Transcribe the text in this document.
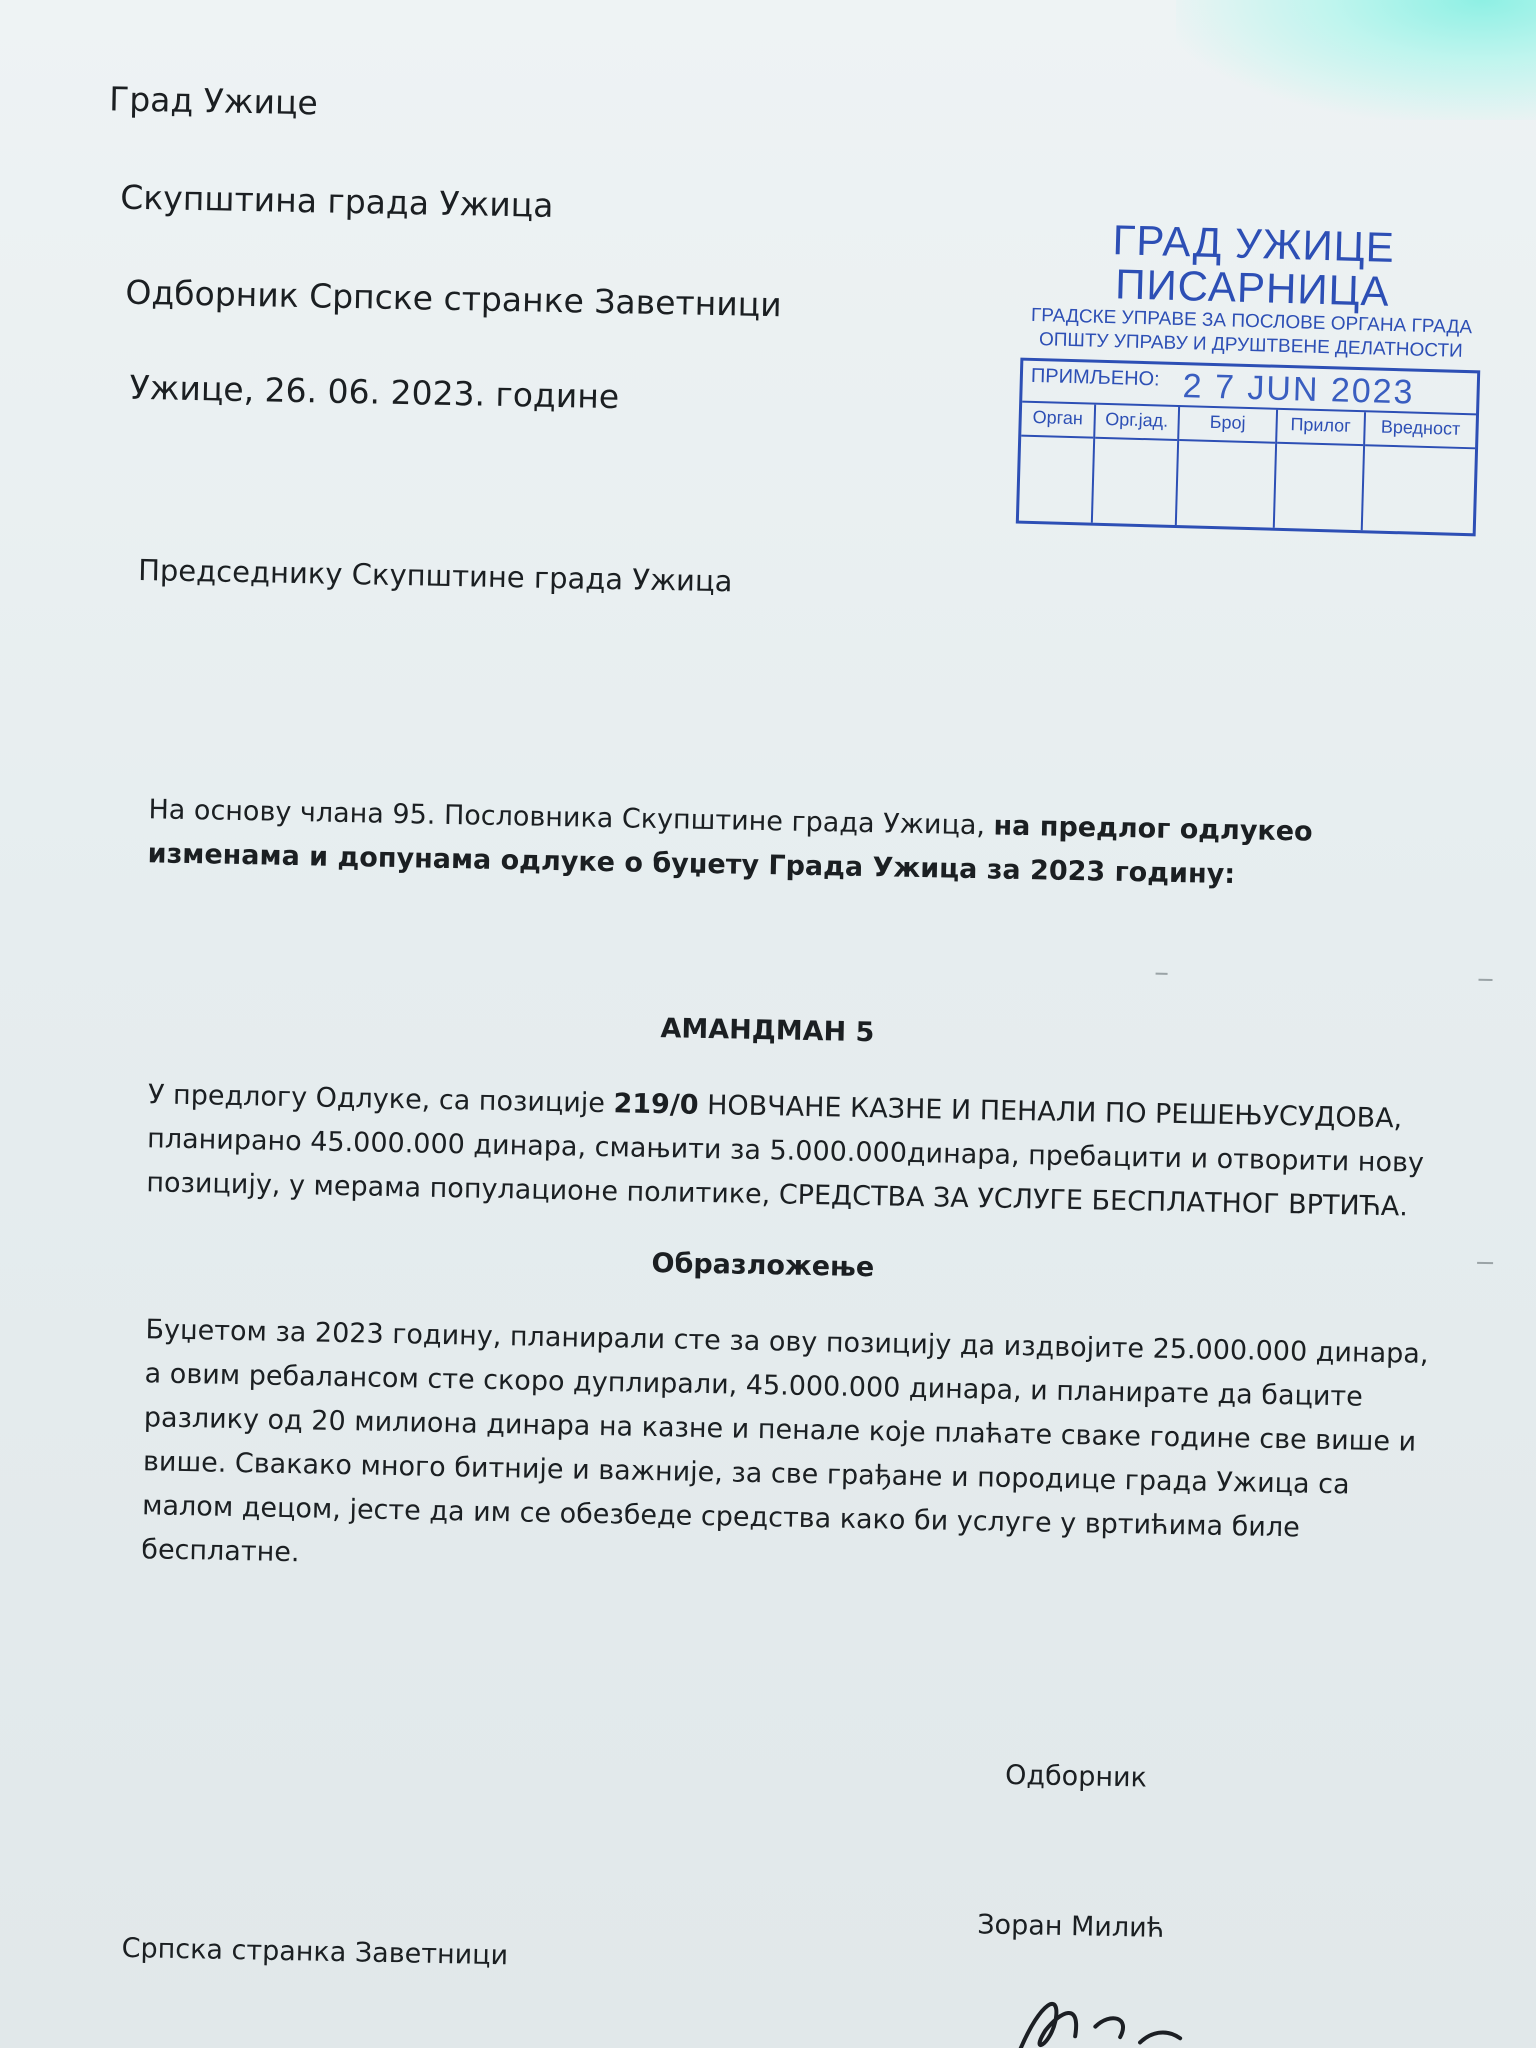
Град Ужице
Скупштина града Ужица
Одборник Српске странке Заветници
Ужице, 26. 06. 2023. године
Председнику Скупштине града Ужица
На основу члана 95. Пословника Скупштине града Ужица, на предлог одлукео
изменама и допунама одлуке о буџету Града Ужица за 2023 годину:
АМАНДМАН 5
У предлогу Одлуке, са позиције 219/0 НОВЧАНЕ КАЗНЕ И ПЕНАЛИ ПО РЕШЕЊУСУДОВА,
планирано 45.000.000 динара, смањити за 5.000.000динара, пребацити и отворити нову
позицију, у мерама популационе политике, СРЕДСТВА ЗА УСЛУГЕ БЕСПЛАТНОГ ВРТИЋА.
Образложење
Буџетом за 2023 годину, планирали сте за ову позицију да издвојите 25.000.000 динара,
а овим ребалансом сте скоро дуплирали, 45.000.000 динара, и планирате да баците
разлику од 20 милиона динара на казне и пенале које плаћате сваке године све више и
више. Свакако много битније и важније, за све грађане и породице града Ужица са
малом децом, јесте да им се обезбеде средства како би услуге у вртићима биле
бесплатне.
Одборник
Зоран Милић
Српска странка Заветници
ГРАД УЖИЦЕ
ПИСАРНИЦА
ГРАДСКЕ УПРАВЕ ЗА ПОСЛОВЕ ОРГАНА ГРАДА
ОПШТУ УПРАВУ И ДРУШТВЕНЕ ДЕЛАТНОСТИ
ПРИМЉЕНО: 2 7 JUN 2023
Орган	Орг.јад.	Број	Прилог	Вредност
